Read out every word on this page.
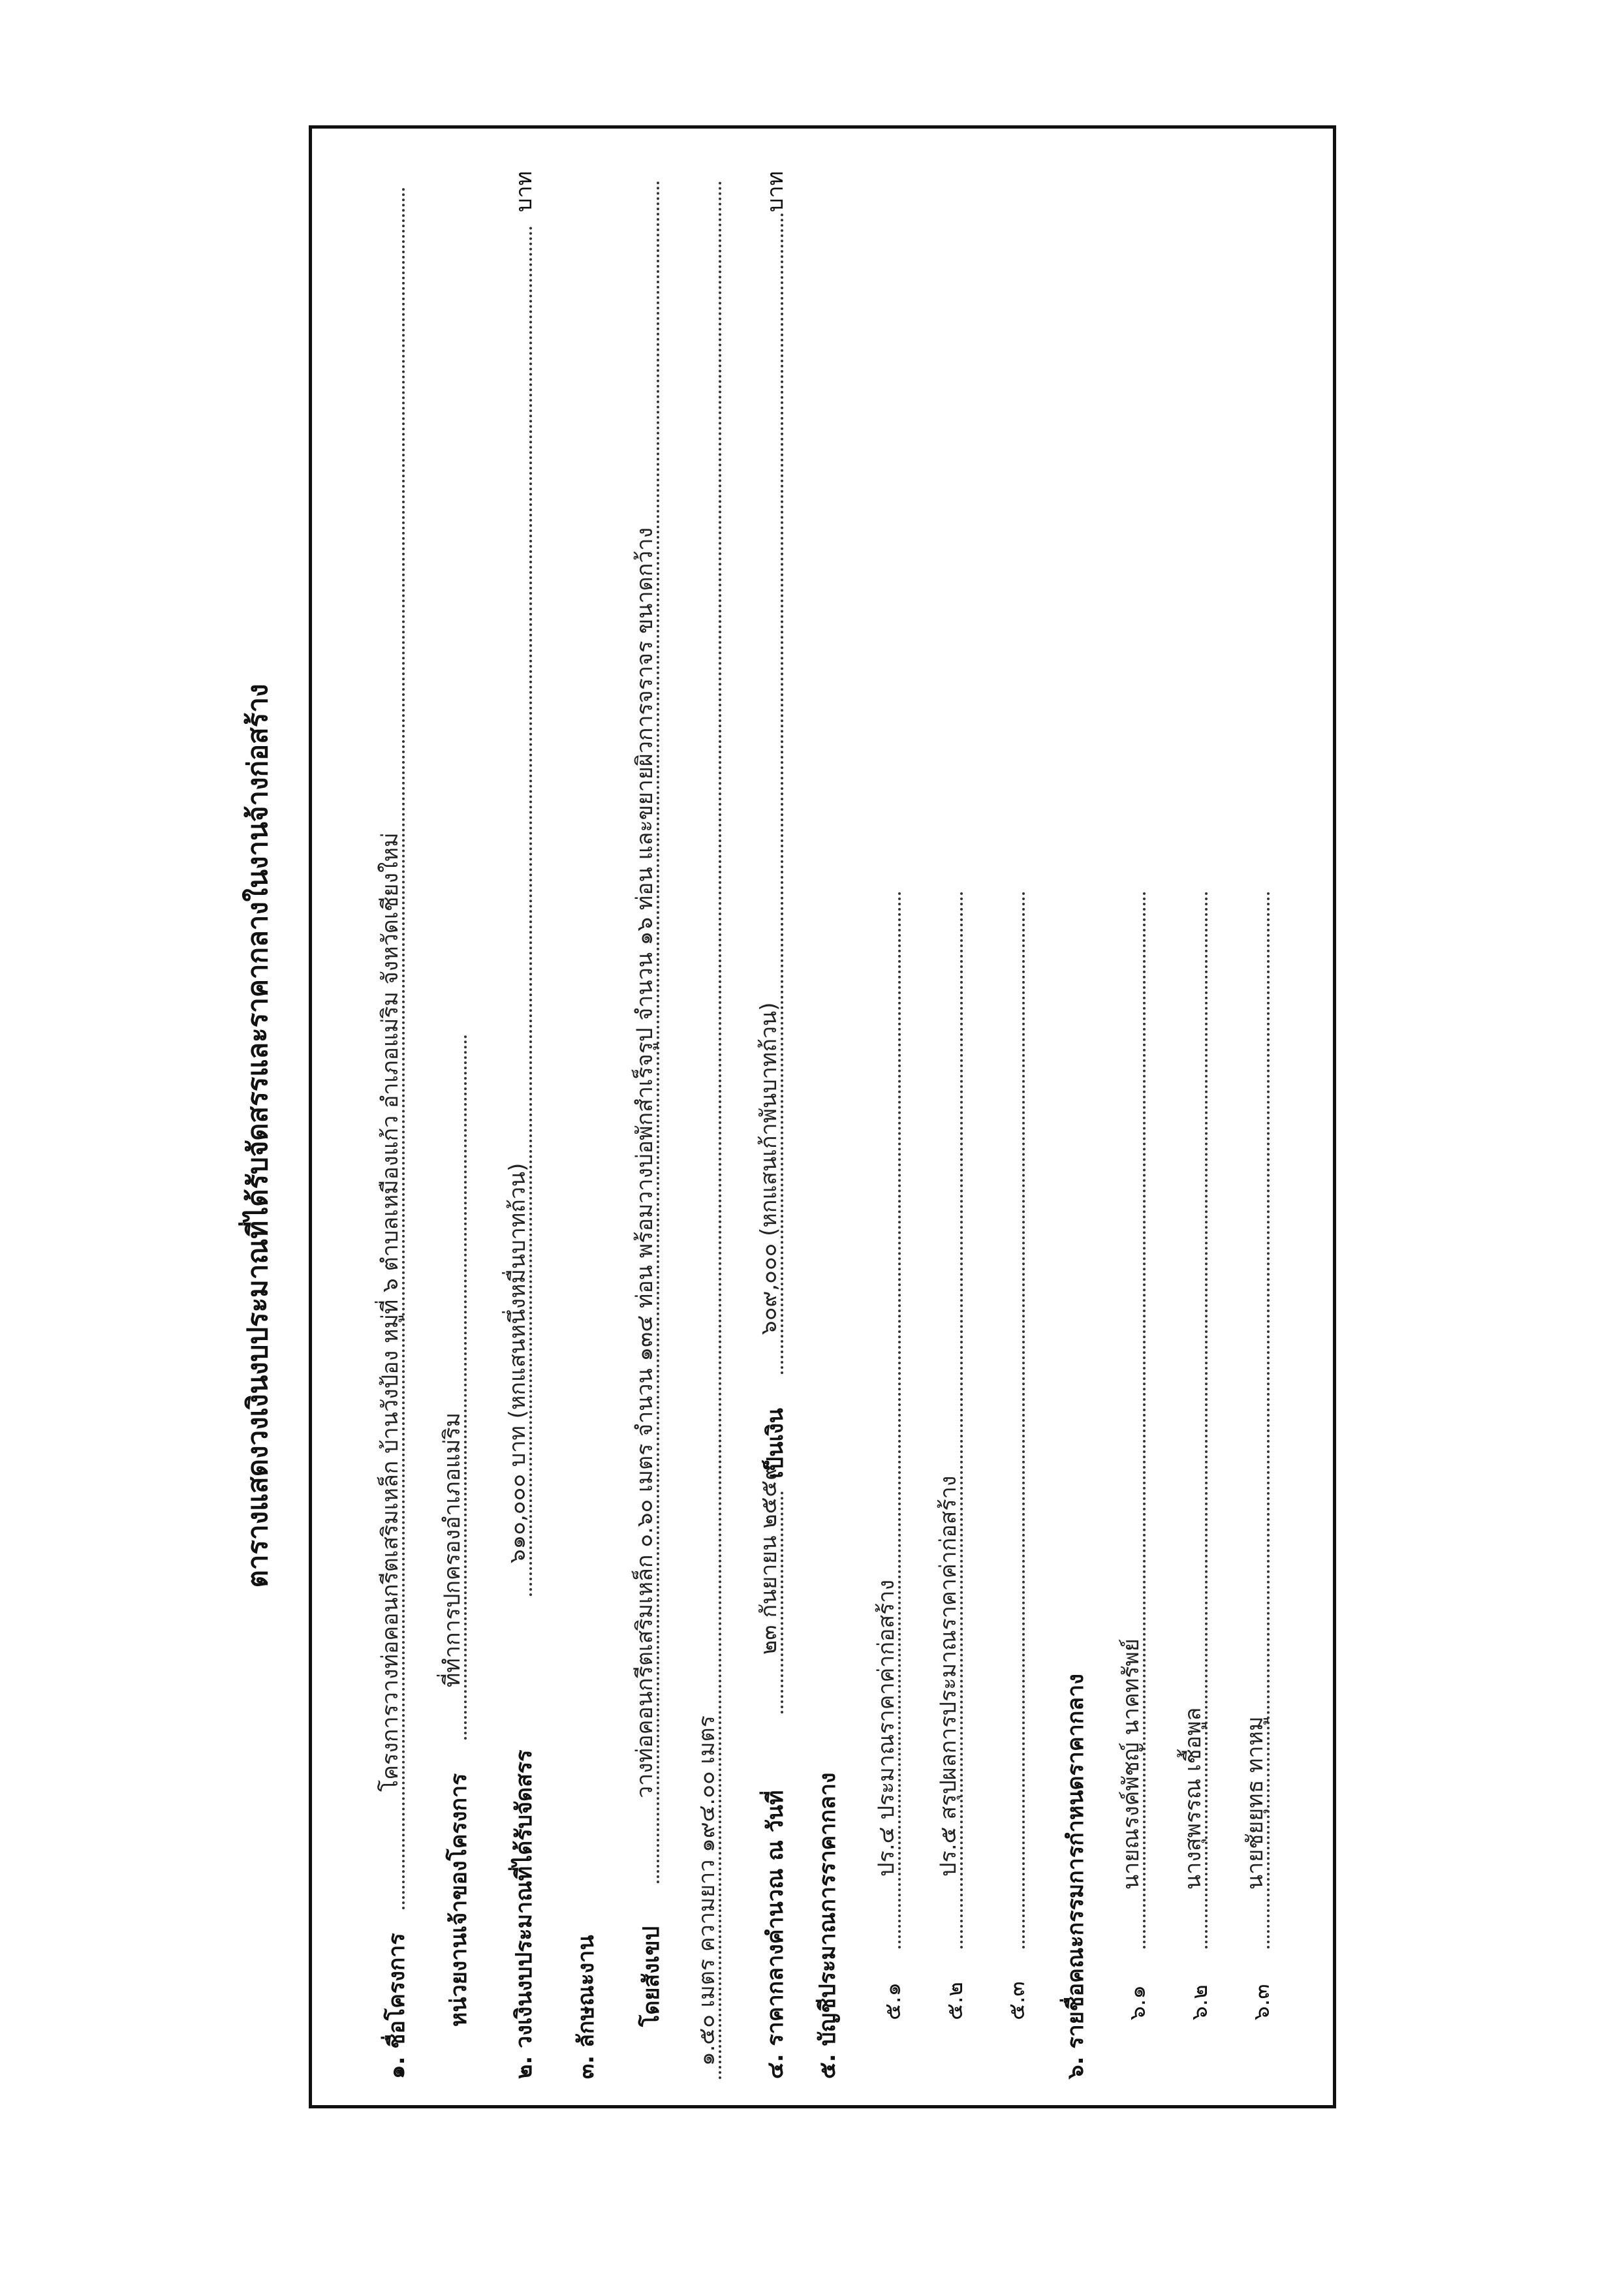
ตารางแสดงวงเงินงบประมาณที่ได้รับจัดสรรและราคากลางในงานจ้างก่อสร้าง
๑. ชื่อโครงการ
โครงการวางท่อคอนกรีตเสริมเหล็ก บ้านวังป้อง หมู่ที่ ๖ ตำบลเหมืองแก้ว อำเภอแม่ริม จังหวัดเชียงใหม่
หน่วยงานเจ้าของโครงการ
ที่ทำการปกครองอำเภอแม่ริม
๒. วงเงินงบประมาณที่ได้รับจัดสรร
๖๑๐,๐๐๐ บาท (หกแสนหนึ่งหมื่นบาทถ้วน)
บาท
๓. ลักษณะงาน โดยสังเขป
วางท่อคอนกรีตเสริมเหล็ก ๐.๖๐ เมตร จำนวน ๑๓๔ ท่อน พร้อมวางบ่อพักสำเร็จรูป จำนวน ๑๖ ท่อน และขยายผิวการจราจร ขนาดกว้าง
๑.๕๐ เมตร ความยาว ๑๙๔.๐๐ เมตร ๔. ราคากลางคำนวณ ณ วันที่
๒๓ กันยายน ๒๕๕๙
เป็นเงิน
๖๐๙,๐๐๐ (หกแสนเก้าพันบาทถ้วน)
บาท
๕. บัญชีประมาณการราคากลาง ๕.๑
ปร.๔ ประมาณราคาค่าก่อสร้าง
๕.๒
ปร.๕ สรุปผลการประมาณราคาค่าก่อสร้าง
๕.๓ ๖. รายชื่อคณะกรรมการกำหนดราคากลาง ๖.๑
นายณรงค์พัชญ์ นาคทรัพย์
๖.๒
นางสุพรรณ เชื้อพูล
๖.๓
นายชัยยุทธ ทาหมู
